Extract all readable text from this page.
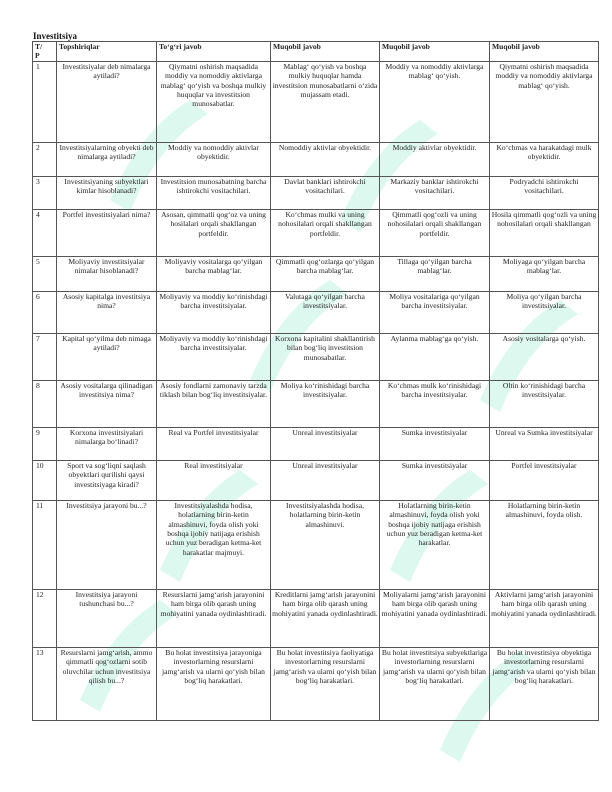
Investitsiya
T/
P	Topshiriqlar	To‘g‘ri javob	Muqobil javob	Muqobil javob	Muqobil javob
1	Investitsiyalar deb nimalarga aytiladi?	Qiymatni oshirish maqsadida moddiy va nomoddiy aktivlarga mablag‘ qo‘yish va boshqa mulkiy huquqlar va investitsion munosabatlar.	Mablag‘ qo‘yish va boshqa mulkiy huquqlar hamda investitsion munosabatlarni o‘zida mujassam etadi.	Moddiy va nomoddiy aktivlarga mablag‘ qo‘yish.	Qiymatni oshirish maqsadida moddiy va nomoddiy aktivlarga mablag‘ qo‘yish.
2	Investitsiyalarning obyekti deb nimalarga aytiladi?	Moddiy va nomoddiy aktivlar obyektidir.	Nomoddiy aktivlar obyektidir.	Moddiy aktivlar obyektidir.	Ko‘chmas va harakatdagi mulk obyektidir.
3	Investitsiyaning subyektlari kimlar hisoblanadi?	Investitsion munosabatning barcha ishtirokchi vositachilari.	Davlat banklari ishtirokchi vositachilari.	Markaziy banklar ishtirokchi vositachilari.	Podryadchi ishtirokchi vositachilari.
4	Portfel investitsiyalari nima?	Asosan, qimmatli qog‘oz va uning hosilalari orqali shakllangan portfeldir.	Ko‘chmas mulki va uning nohosilalari orqali shakllangan portfeldir.	Qimmatli qog‘ozli va uning nohosilalari orqali shakllangan portfeldir.	Hosila qimmatli qog‘ozli va uning nohosilalari orqali shakllangan
5	Moliyaviy investitsiyalar nimalar hisoblanadi?	Moliyaviy vositalarga qo‘yilgan barcha mablag‘lar.	Qimmatli qog‘ozlarga qo‘yilgan barcha mablag‘lar.	Tillaga qo‘yilgan barcha mablag‘lar.	Moliyaga qo‘yilgan barcha mablag‘lar.
6	Asosiy kapitalga investitsiya nima?	Moliyaviy va moddiy ko‘rinishdagi barcha investitsiyalar.	Valutaga qo‘yilgan barcha investitsiyalar.	Moliya vositalariga qo‘yilgan barcha investitsiyalar.	Moliya qo‘yilgan barcha investitsiyalar.
7	Kapital qo‘yilma deb nimaga aytiladi?	Moliyaviy va moddiy ko‘rinishdagi barcha investitsiyalar.	Korxona kapitalini shakllantirish bilan bog‘liq investitsion munosabatlar.	Aylanma mablag‘ga qo‘yish.	Asosiy vositalarga qo‘yish.
8	Asosiy vositalarga qilinadigan investitsiya nima?	Asosiy fondlarni zamonaviy tarzda tiklash bilan bog‘liq investitsiyalar.	Moliya ko‘rinishidagi barcha investitsiyalar.	Ko‘chmas mulk ko‘rinishidagi barcha investitsiyalar.	Oltin ko‘rinishidagi barcha investitsiyalar.
9	Korxona investitsiyalari nimalarga bo‘linadi?	Real va Portfel investitsiyalar	Unreal investitsiyalar	Sumka investitsiyalar	Unreal va Sumka investitsiyalar
10	Sport va sog‘liqni saqlash obyektlari qurilishi qaysi investitsiyaga kiradi?	Real investitsiyalar	Unreal investitsiyalar	Sumka investitsiyalar	Portfel investitsiyalar
11	Investitsiya jarayoni bu...?	Investitsiyalashda hodisa, holatlarning birin-ketin almashinuvi, foyda olish yoki boshqa ijobiy natijaga erishish uchun yuz beradigan ketma-ket harakatlar majmuyi.	Investitsiyalashda hodisa, holatlarning birin-ketin almashinuvi.	Holatlarning birin-ketin almashinuvi, foyda olish yoki boshqa ijobiy natijaga erishish uchun yuz beradigan ketma-ket harakatlar.	Holatlarning birin-ketin almashinuvi, foyda olish.
12	Investitsiya jarayoni tushunchasi bu...?	Resurslarni jamg‘arish jarayonini ham birga olib qarash uning mohiyatini yanada oydinlashtiradi.	Kreditlarni jamg‘arish jarayonini ham birga olib qarash uning mohiyatini yanada oydinlashtiradi.	Moliyalarni jamg‘arish jarayonini ham birga olib qarash uning mohiyatini yanada oydinlashtiradi.	Aktivlarni jamg‘arish jarayonini ham birga olib qarash uning mohiyatini yanada oydinlashtiradi.
13	Resurslarni jamg‘arish, ammo qimmatli qog‘ozlarni sotib oluvchilar uchun investitsiya qilish bu...?	Bu holat investitsiya jarayoniga investorlarning resurslarni jamg‘arish va ularni qo‘yish bilan bog‘liq harakatlari.	Bu holat investitsiya faoliyatiga investorlarning resurslarni jamg‘arish va ularni qo‘yish bilan bog‘liq harakatlari.	Bu holat investitsiya subyektlariga investorlarning resurslarni jamg‘arish va ularni qo‘yish bilan bog‘liq harakatlari.	Bu holat investitsiya obyektiga investorlarning resurslarni jamg‘arish va ularni qo‘yish bilan bog‘liq harakatlari.
